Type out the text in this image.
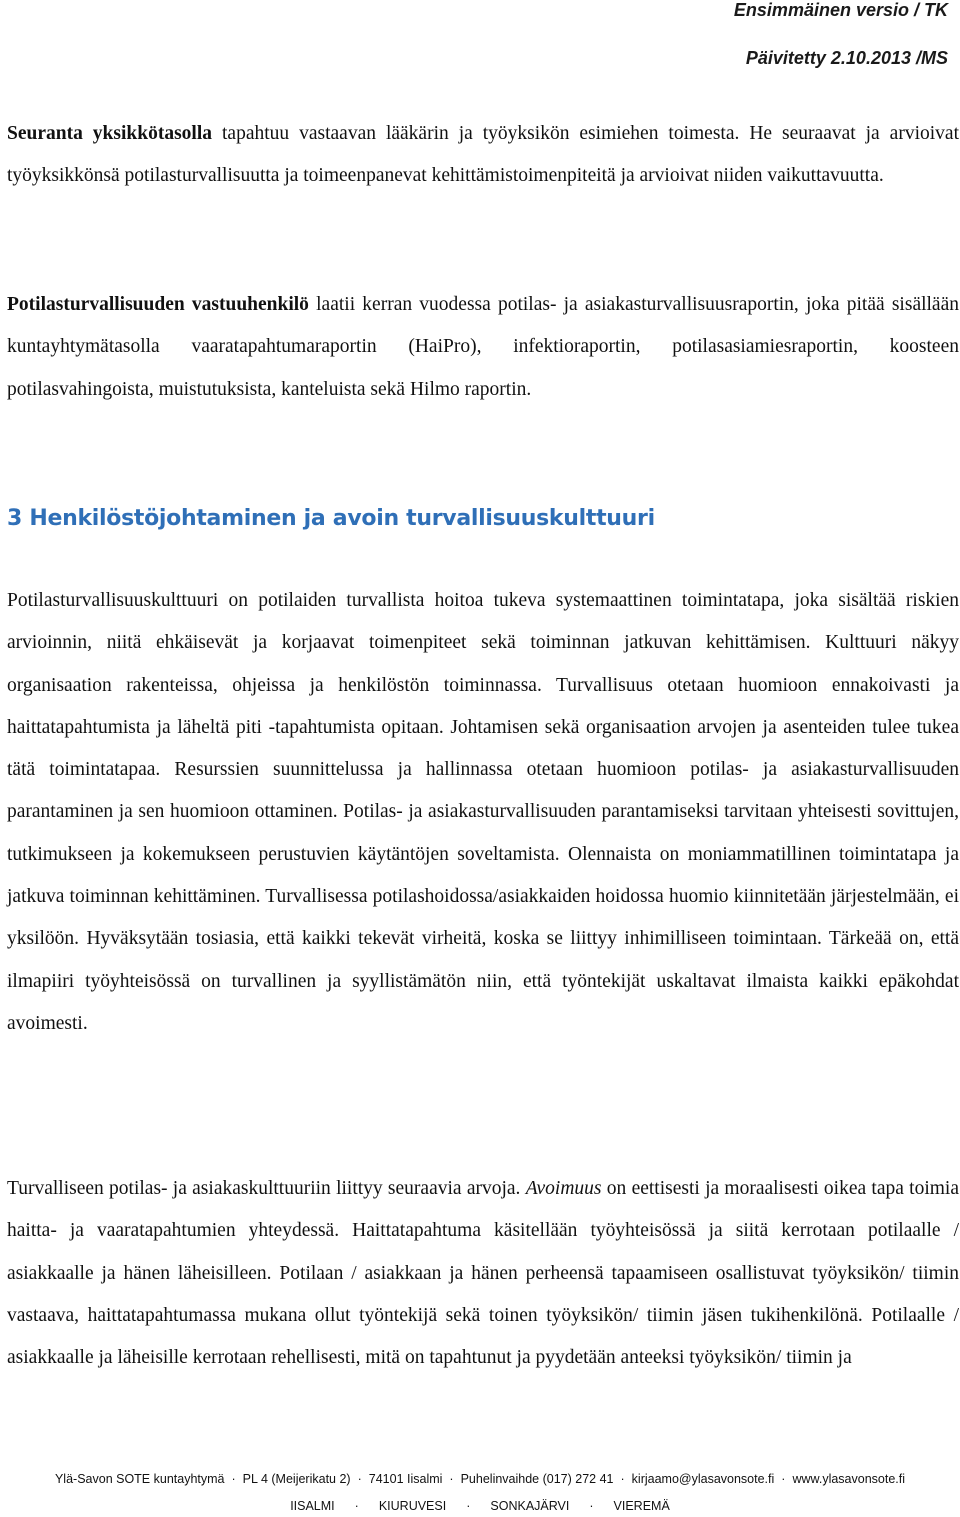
Ensimmäinen versio / TK
Päivitetty 2.10.2013 /MS

Seuranta yksikkötasolla tapahtuu vastaavan lääkärin ja työyksikön esimiehen toimesta. He seuraavat ja arvioivat työyksikkönsä potilasturvallisuutta ja toimeenpanevat kehittämistoimenpiteitä ja arvioivat niiden vaikuttavuutta.

Potilasturvallisuuden vastuuhenkilö laatii kerran vuodessa potilas- ja asiakasturvallisuusraportin, joka pitää sisällään kuntayhtymätasolla vaaratapahtumaraportin (HaiPro), infektioraportin, potilasasiamiesraportin, koosteen potilasvahingoista, muistutuksista, kanteluista sekä Hilmo raportin.

3 Henkilöstöjohtaminen ja avoin turvallisuuskulttuuri

Potilasturvallisuuskulttuuri on potilaiden turvallista hoitoa tukeva systemaattinen toimintatapa, joka sisältää riskien arvioinnin, niitä ehkäisevät ja korjaavat toimenpiteet sekä toiminnan jatkuvan kehittämisen. Kulttuuri näkyy organisaation rakenteissa, ohjeissa ja henkilöstön toiminnassa. Turvallisuus otetaan huomioon ennakoivasti ja haittatapahtumista ja läheltä piti -tapahtumista opitaan. Johtamisen sekä organisaation arvojen ja asenteiden tulee tukea tätä toimintatapaa. Resurssien suunnittelussa ja hallinnassa otetaan huomioon potilas- ja asiakasturvallisuuden parantaminen ja sen huomioon ottaminen. Potilas- ja asiakasturvallisuuden parantamiseksi tarvitaan yhteisesti sovittujen, tutkimukseen ja kokemukseen perustuvien käytäntöjen soveltamista. Olennaista on moniammatillinen toimintatapa ja jatkuva toiminnan kehittäminen. Turvallisessa potilashoidossa/asiakkaiden hoidossa huomio kiinnitetään järjestelmään, ei yksilöön. Hyväksytään tosiasia, että kaikki tekevät virheitä, koska se liittyy inhimilliseen toimintaan. Tärkeää on, että ilmapiiri työyhteisössä on turvallinen ja syyllistämätön niin, että työntekijät uskaltavat ilmaista kaikki epäkohdat avoimesti.

Turvalliseen potilas- ja asiakaskulttuuriin liittyy seuraavia arvoja. Avoimuus on eettisesti ja moraalisesti oikea tapa toimia haitta- ja vaaratapahtumien yhteydessä. Haittatapahtuma käsitellään työyhteisössä ja siitä kerrotaan potilaalle / asiakkaalle ja hänen läheisilleen. Potilaan / asiakkaan ja hänen perheensä tapaamiseen osallistuvat työyksikön/ tiimin vastaava, haittatapahtumassa mukana ollut työntekijä sekä toinen työyksikön/ tiimin jäsen tukihenkilönä. Potilaalle / asiakkaalle ja läheisille kerrotaan rehellisesti, mitä on tapahtunut ja pyydetään anteeksi työyksikön/ tiimin ja

Ylä-Savon SOTE kuntayhtymä · PL 4 (Meijerikatu 2) · 74101 Iisalmi · Puhelinvaihde (017) 272 41 · kirjaamo@ylasavonsote.fi · www.ylasavonsote.fi
IISALMI · KIURUVESI · SONKAJÄRVI · VIEREMÄ
